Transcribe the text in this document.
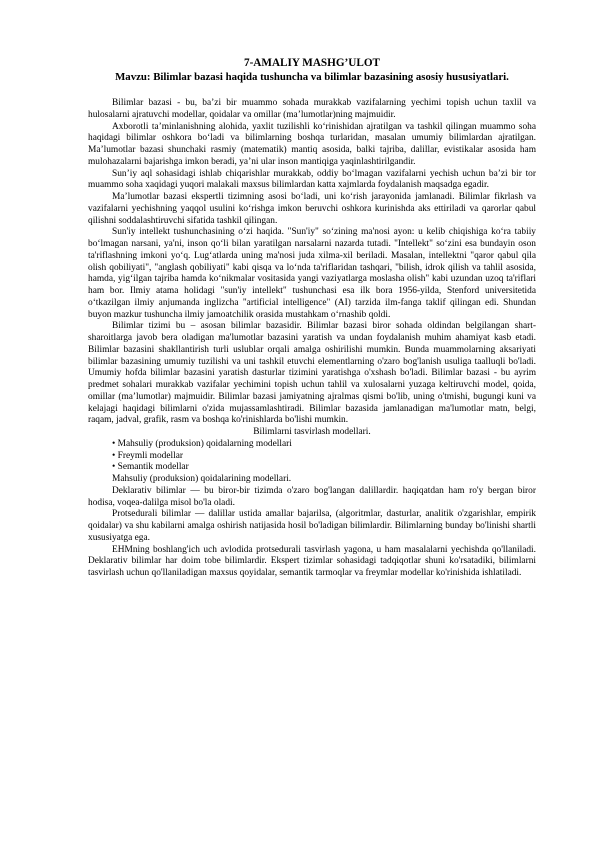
7-AMALIY MASHG’ULOT
Mavzu: Bilimlar bazasi haqida tushuncha va bilimlar bazasining asosiy hususiyatlari.

Bilimlar bazasi - bu, ba’zi bir muammo sohada murakkab vazifalarning yechimi topish uchun taxlil va hulosalarni ajratuvchi modellar, qoidalar va omillar (ma’lumotlar)ning majmuidir.

Axborotli ta’minlanishning alohida, yaxlit tuzilishli ko‘rinishidan ajratilgan va tashkil qilingan muammo soha haqidagi bilimlar oshkora bo‘ladi va bilimlarning boshqa turlaridan, masalan umumiy bilimlardan ajratilgan. Ma’lumotlar bazasi shunchaki rasmiy (matematik) mantiq asosida, balki tajriba, dalillar, evistikalar asosida ham mulohazalarni bajarishga imkon beradi, ya’ni ular inson mantiqiga yaqinlashtirilgandir.

Sun’iy aql sohasidagi ishlab chiqarishlar murakkab, oddiy bo‘lmagan vazifalarni yechish uchun ba’zi bir tor muammo soha xaqidagi yuqori malakali maxsus bilimlardan katta xajmlarda foydalanish maqsadga egadir.

Ma’lumotlar bazasi ekspertli tizimning asosi bo‘ladi, uni ko‘rish jarayonida jamlanadi. Bilimlar fikrlash va vazifalarni yechishning yaqqol usulini ko‘rishga imkon beruvchi oshkora kurinishda aks ettiriladi va qarorlar qabul qilishni soddalashtiruvchi sifatida tashkil qilingan.

Sun'iy intellekt tushunchasining o‘zi haqida. "Sun'iy" so‘zining ma'nosi ayon: u kelib chiqishiga ko‘ra tabiiy bo‘lmagan narsani, ya'ni, inson qo‘li bilan yaratilgan narsalarni nazarda tutadi. "Intellekt" so‘zini esa bundayin oson ta'riflashning imkoni yo‘q. Lug‘atlarda uning ma'nosi juda xilma-xil beriladi. Masalan, intellektni "qaror qabul qila olish qobiliyati", "anglash qobiliyati" kabi qisqa va lo‘nda ta'riflaridan tashqari, "bilish, idrok qilish va tahlil asosida, hamda, yig‘ilgan tajriba hamda ko‘nikmalar vositasida yangi vaziyatlarga moslasha olish" kabi uzundan uzoq ta'riflari ham bor. Ilmiy atama holidagi "sun'iy intellekt" tushunchasi esa ilk bora 1956-yilda, Stenford universitetida o‘tkazilgan ilmiy anjumanda inglizcha "artificial intelligence" (AI) tarzida ilm-fanga taklif qilingan edi. Shundan buyon mazkur tushuncha ilmiy jamoatchilik orasida mustahkam o‘rnashib qoldi.

Bilimlar tizimi bu – asosan bilimlar bazasidir. Bilimlar bazasi biror sohada oldindan belgilangan shart-sharoitlarga javob bera oladigan ma'lumotlar bazasini yaratish va undan foydalanish muhim ahamiyat kasb etadi. Bilimlar bazasini shakllantirish turli uslublar orqali amalga oshirilishi mumkin. Bunda muammolarning aksariyati bilimlar bazasining umumiy tuzilishi va uni tashkil etuvchi elementlarning o'zaro bog'lanish usuliga taalluqli bo'ladi. Umumiy hofda bilimlar bazasini yaratish dasturlar tizimini yaratishga o'xshash bo'ladi. Bilimlar bazasi - bu ayrim predmet sohalari murakkab vazifalar yechimini topish uchun tahlil va xulosalarni yuzaga keltiruvchi model, qoida, omillar (ma’lumotlar) majmuidir. Bilimlar bazasi jamiyatning ajralmas qismi bo'lib, uning o'tmishi, bugungi kuni va kelajagi haqidagi bilimlarni o'zida mujassamlashtiradi. Bilimlar bazasida jamlanadigan ma'lumotlar matn, belgi, raqam, jadval, grafik, rasm va boshqa ko'rinishlarda bo'lishi mumkin.

Bilimlarni tasvirlash modellari.

• Mahsuliy (produksion) qoidalarning modellari
• Freymli modellar
• Semantik modellar

Mahsuliy (produksion) qoidalarining modellari.

Deklarativ bilimlar — bu biror-bir tizimda o'zaro bog'langan dalillardir. haqiqatdan ham ro'y bergan biror hodisa, voqea-dalilga misol bo'la oladi.

Protsedurali bilimlar — dalillar ustida amallar bajarilsa, (algoritmlar, dasturlar, analitik o'zgarishlar, empirik qoidalar) va shu kabilarni amalga oshirish natijasida hosil bo'ladigan bilimlardir. Bilimlarning bunday bo'linishi shartli xususiyatga ega.

EHMning boshlang'ich uch avlodida protsedurali tasvirlash yagona, u ham masalalarni yechishda qo'llaniladi. Deklarativ bilimlar har doim tobe bilimlardir. Ekspert tizimlar sohasidagi tadqiqotlar shuni ko'rsatadiki, bilimlarni tasvirlash uchun qo'llaniladigan maxsus qoyidalar, semantik tarmoqlar va freymlar modellar ko'rinishida ishlatiladi.
